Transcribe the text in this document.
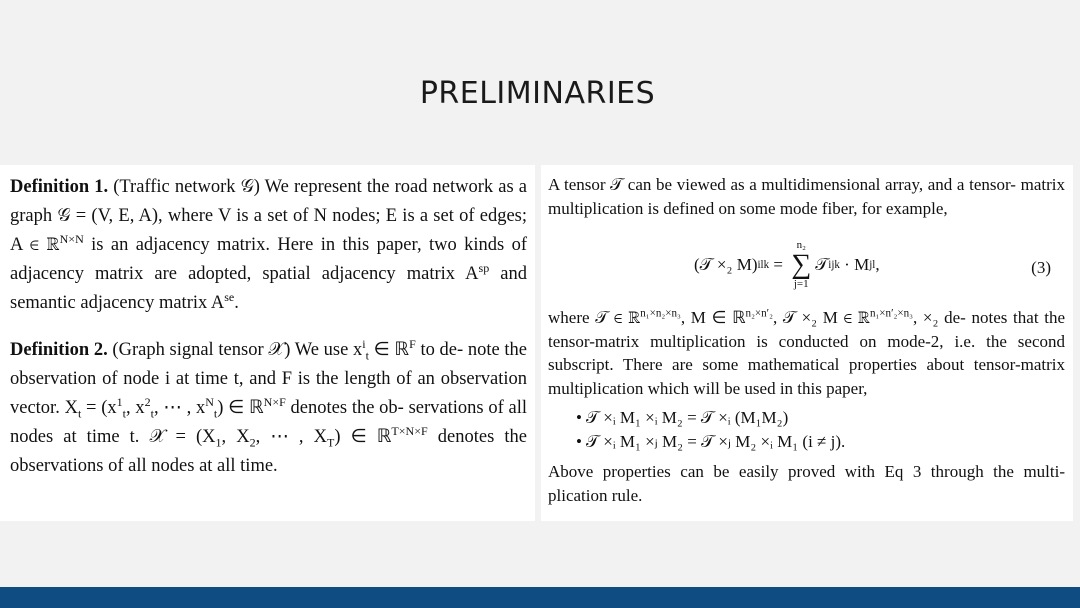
PRELIMINARIES

Definition 1. (Traffic network 𝒢) We represent the road network as a graph 𝒢 = (V, E, A), where V is a set of N nodes; E is a set of edges; A ∈ ℝ$^{N\times N}$ is an adjacency matrix. Here in this paper, two kinds of adjacency matrix are adopted, spatial adjacency matrix $A^{sp}$ and semantic adjacency matrix $A^{se}$.

Definition 2. (Graph signal tensor 𝒳) We use $x^i_t$ ∈ ℝ$^F$ to de- note the observation of node i at time t, and F is the length of an observation vector. $X_t = (x^1_t$, $x^2_t$, ⋯ , $x^N_t$) ∈ ℝ$^{N\times F}$ denotes the ob- servations of all nodes at time t. 𝒳 = ($X_1$, $X_2$, ⋯ , $X_T$) ∈ ℝ$^{T\times N\times F}$ denotes the observations of all nodes at all time.

A tensor 𝒯 can be viewed as a multidimensional array, and a tensor- matrix multiplication is defined on some mode fiber, for example,

(𝒯 ×₂ M) ilk =
n₂
∑
j=1
𝒯 ijk · M jl ,	(3)

where 𝒯 ∈ ℝ$^{n_1\times n_2\times n_3}$, M ∈ ℝ$^{n_2\times n'_2}$, 𝒯 ×₂ M ∈ ℝ$^{n_1\times n'_2\times n_3}$, ×₂ de- notes that the tensor-matrix multiplication is conducted on mode-2, i.e. the second subscript. There are some mathematical properties about tensor-matrix multiplication which will be used in this paper,

• 𝒯 ×ᵢ M₁ ×ᵢ M₂ = 𝒯 ×ᵢ (M₁M₂)
• 𝒯 ×ᵢ M₁ ×ⱼ M₂ = 𝒯 ×ⱼ M₂ ×ᵢ M₁ (i ≠ j).

Above properties can be easily proved with Eq 3 through the multi- plication rule.
